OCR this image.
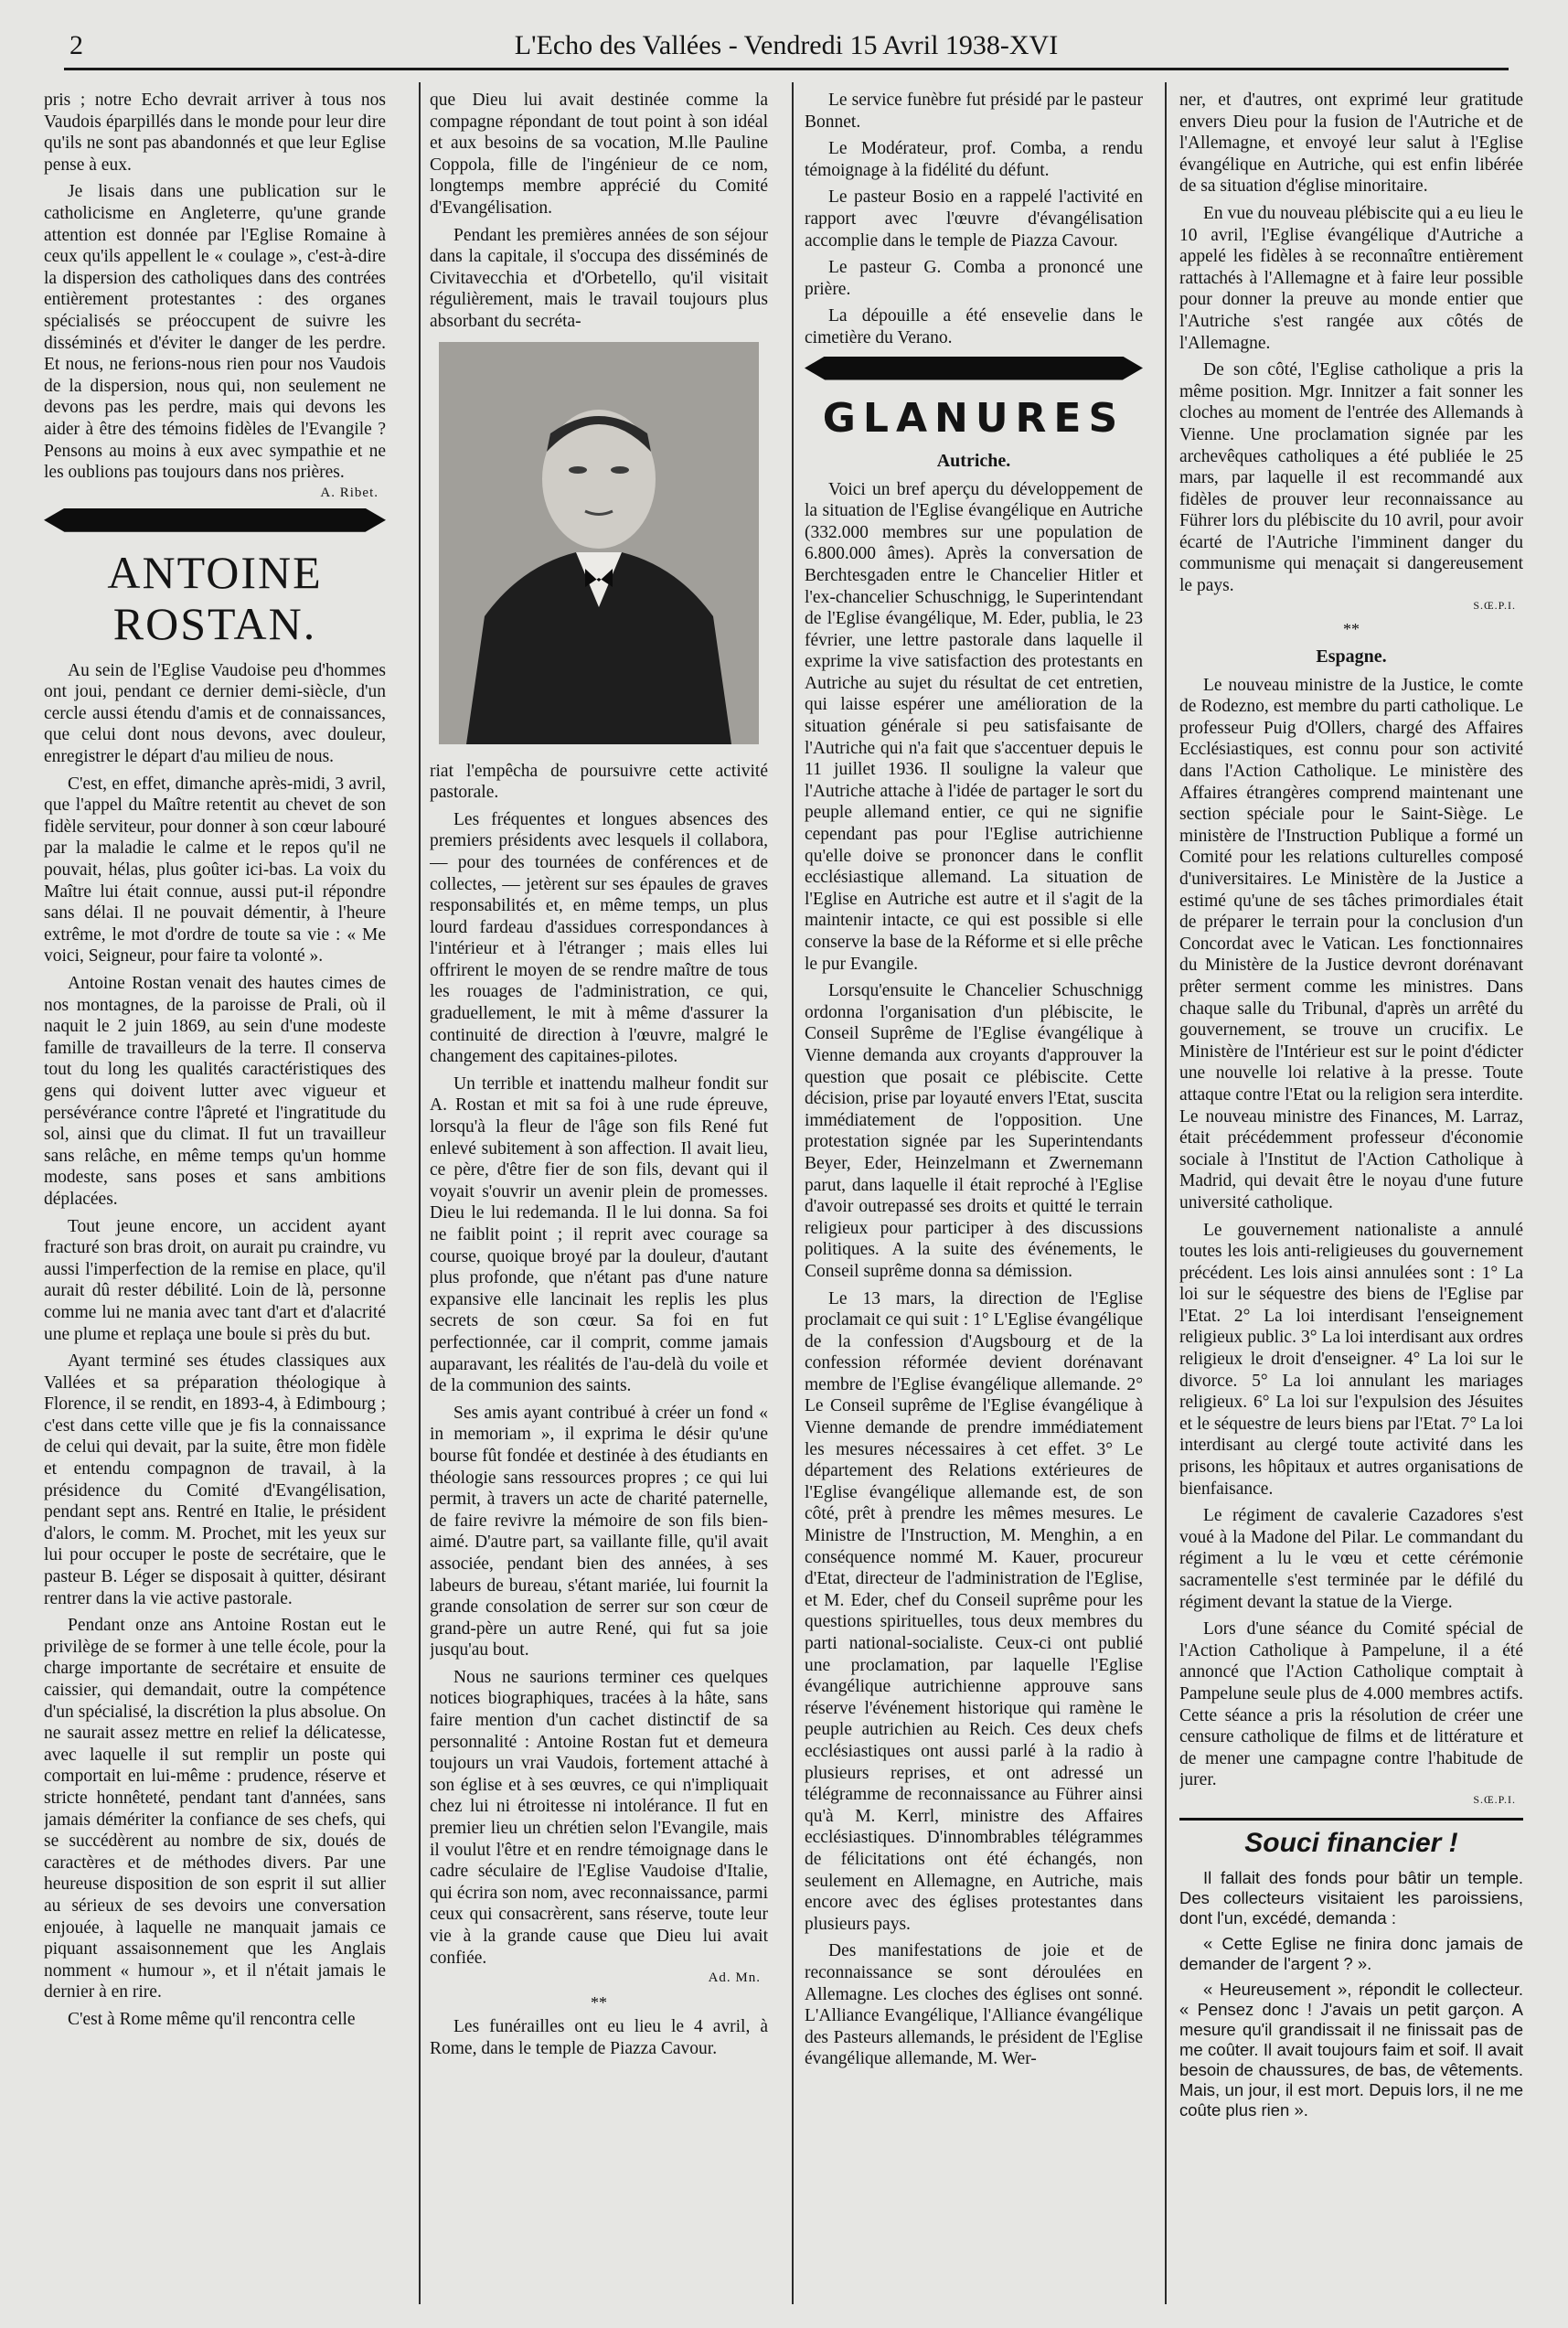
2	L'Echo des Vallées - Vendredi 15 Avril 1938-XVI

pris ; notre Echo devrait arriver à tous nos Vaudois éparpillés dans le monde pour leur dire qu'ils ne sont pas abandonnés et que leur Eglise pense à eux.

Je lisais dans une publication sur le catholicisme en Angleterre, qu'une grande attention est donnée par l'Eglise Romaine à ceux qu'ils appellent le « coulage », c'est-à-dire la dispersion des catholiques dans des contrées entièrement protestantes : des organes spécialisés se préoccupent de suivre les disséminés et d'éviter le danger de les perdre. Et nous, ne ferions-nous rien pour nos Vaudois de la dispersion, nous qui, non seulement ne devons pas les perdre, mais qui devons les aider à être des témoins fidèles de l'Evangile ? Pensons au moins à eux avec sympathie et ne les oublions pas toujours dans nos prières.

A. Ribet.
ANTOINE ROSTAN.

Au sein de l'Eglise Vaudoise peu d'hommes ont joui, pendant ce dernier demi-siècle, d'un cercle aussi étendu d'amis et de connaissances, que celui dont nous devons, avec douleur, enregistrer le départ d'au milieu de nous.

C'est, en effet, dimanche après-midi, 3 avril, que l'appel du Maître retentit au chevet de son fidèle serviteur, pour donner à son cœur labouré par la maladie le calme et le repos qu'il ne pouvait, hélas, plus goûter ici-bas. La voix du Maître lui était connue, aussi put-il répondre sans délai. Il ne pouvait démentir, à l'heure extrême, le mot d'ordre de toute sa vie : « Me voici, Seigneur, pour faire ta volonté ».

Antoine Rostan venait des hautes cimes de nos montagnes, de la paroisse de Prali, où il naquit le 2 juin 1869, au sein d'une modeste famille de travailleurs de la terre. Il conserva tout du long les qualités caractéristiques des gens qui doivent lutter avec vigueur et persévérance contre l'âpreté et l'ingratitude du sol, ainsi que du climat. Il fut un travailleur sans relâche, en même temps qu'un homme modeste, sans poses et sans ambitions déplacées.

Tout jeune encore, un accident ayant fracturé son bras droit, on aurait pu craindre, vu aussi l'imperfection de la remise en place, qu'il aurait dû rester débilité. Loin de là, personne comme lui ne mania avec tant d'art et d'alacrité une plume et replaça une boule si près du but.

Ayant terminé ses études classiques aux Vallées et sa préparation théologique à Florence, il se rendit, en 1893-4, à Edimbourg ; c'est dans cette ville que je fis la connaissance de celui qui devait, par la suite, être mon fidèle et entendu compagnon de travail, à la présidence du Comité d'Evangélisation, pendant sept ans. Rentré en Italie, le président d'alors, le comm. M. Prochet, mit les yeux sur lui pour occuper le poste de secrétaire, que le pasteur B. Léger se disposait à quitter, désirant rentrer dans la vie active pastorale.

Pendant onze ans Antoine Rostan eut le privilège de se former à une telle école, pour la charge importante de secrétaire et ensuite de caissier, qui demandait, outre la compétence d'un spécialisé, la discrétion la plus absolue. On ne saurait assez mettre en relief la délicatesse, avec laquelle il sut remplir un poste qui comportait en lui-même : prudence, réserve et stricte honnêteté, pendant tant d'années, sans jamais démériter la confiance de ses chefs, qui se succédèrent au nombre de six, doués de caractères et de méthodes divers. Par une heureuse disposition de son esprit il sut allier au sérieux de ses devoirs une conversation enjouée, à laquelle ne manquait jamais ce piquant assaisonnement que les Anglais nomment « humour », et il n'était jamais le dernier à en rire.

C'est à Rome même qu'il rencontra celle

que Dieu lui avait destinée comme la compagne répondant de tout point à son idéal et aux besoins de sa vocation, M.lle Pauline Coppola, fille de l'ingénieur de ce nom, longtemps membre apprécié du Comité d'Evangélisation.

Pendant les premières années de son séjour dans la capitale, il s'occupa des disséminés de Civitavecchia et d'Orbetello, qu'il visitait régulièrement, mais le travail toujours plus absorbant du secréta-

riat l'empêcha de poursuivre cette activité pastorale.

Les fréquentes et longues absences des premiers présidents avec lesquels il collabora, — pour des tournées de conférences et de collectes, — jetèrent sur ses épaules de graves responsabilités et, en même temps, un plus lourd fardeau d'assidues correspondances à l'intérieur et à l'étranger ; mais elles lui offrirent le moyen de se rendre maître de tous les rouages de l'administration, ce qui, graduellement, le mit à même d'assurer la continuité de direction à l'œuvre, malgré le changement des capitaines-pilotes.

Un terrible et inattendu malheur fondit sur A. Rostan et mit sa foi à une rude épreuve, lorsqu'à la fleur de l'âge son fils René fut enlevé subitement à son affection. Il avait lieu, ce père, d'être fier de son fils, devant qui il voyait s'ouvrir un avenir plein de promesses. Dieu le lui redemanda. Il le lui donna. Sa foi ne faiblit point ; il reprit avec courage sa course, quoique broyé par la douleur, d'autant plus profonde, que n'étant pas d'une nature expansive elle lancinait les replis les plus secrets de son cœur. Sa foi en fut perfectionnée, car il comprit, comme jamais auparavant, les réalités de l'au-delà du voile et de la communion des saints.

Ses amis ayant contribué à créer un fond « in memoriam », il exprima le désir qu'une bourse fût fondée et destinée à des étudiants en théologie sans ressources propres ; ce qui lui permit, à travers un acte de charité paternelle, de faire revivre la mémoire de son fils bien-aimé. D'autre part, sa vaillante fille, qu'il avait associée, pendant bien des années, à ses labeurs de bureau, s'étant mariée, lui fournit la grande consolation de serrer sur son cœur de grand-père un autre René, qui fut sa joie jusqu'au bout.

Nous ne saurions terminer ces quelques notices biographiques, tracées à la hâte, sans faire mention d'un cachet distinctif de sa personnalité : Antoine Rostan fut et demeura toujours un vrai Vaudois, fortement attaché à son église et à ses œuvres, ce qui n'impliquait chez lui ni étroitesse ni intolérance. Il fut en premier lieu un chrétien selon l'Evangile, mais il voulut l'être et en rendre témoignage dans le cadre séculaire de l'Eglise Vaudoise d'Italie, qui écrira son nom, avec reconnaissance, parmi ceux qui consacrèrent, sans réserve, toute leur vie à la grande cause que Dieu lui avait confiée.

Ad. Mn.
**

Les funérailles ont eu lieu le 4 avril, à Rome, dans le temple de Piazza Cavour.

Le service funèbre fut présidé par le pasteur Bonnet.

Le Modérateur, prof. Comba, a rendu témoignage à la fidélité du défunt.

Le pasteur Bosio en a rappelé l'activité en rapport avec l'œuvre d'évangélisation accomplie dans le temple de Piazza Cavour.

Le pasteur G. Comba a prononcé une prière.

La dépouille a été ensevelie dans le cimetière du Verano.

GLANURES
Autriche.

Voici un bref aperçu du développement de la situation de l'Eglise évangélique en Autriche (332.000 membres sur une population de 6.800.000 âmes). Après la conversation de Berchtesgaden entre le Chancelier Hitler et l'ex-chancelier Schuschnigg, le Superintendant de l'Eglise évangélique, M. Eder, publia, le 23 février, une lettre pastorale dans laquelle il exprime la vive satisfaction des protestants en Autriche au sujet du résultat de cet entretien, qui laisse espérer une amélioration de la situation générale si peu satisfaisante de l'Autriche qui n'a fait que s'accentuer depuis le 11 juillet 1936. Il souligne la valeur que l'Autriche attache à l'idée de partager le sort du peuple allemand entier, ce qui ne signifie cependant pas pour l'Eglise autrichienne qu'elle doive se prononcer dans le conflit ecclésiastique allemand. La situation de l'Eglise en Autriche est autre et il s'agit de la maintenir intacte, ce qui est possible si elle conserve la base de la Réforme et si elle prêche le pur Evangile.

Lorsqu'ensuite le Chancelier Schuschnigg ordonna l'organisation d'un plébiscite, le Conseil Suprême de l'Eglise évangélique à Vienne demanda aux croyants d'approuver la question que posait ce plébiscite. Cette décision, prise par loyauté envers l'Etat, suscita immédiatement de l'opposition. Une protestation signée par les Superintendants Beyer, Eder, Heinzelmann et Zwernemann parut, dans laquelle il était reproché à l'Eglise d'avoir outrepassé ses droits et quitté le terrain religieux pour participer à des discussions politiques. A la suite des événements, le Conseil suprême donna sa démission.

Le 13 mars, la direction de l'Eglise proclamait ce qui suit : 1° L'Eglise évangélique de la confession d'Augsbourg et de la confession réformée devient dorénavant membre de l'Eglise évangélique allemande. 2° Le Conseil suprême de l'Eglise évangélique à Vienne demande de prendre immédiatement les mesures nécessaires à cet effet. 3° Le département des Relations extérieures de l'Eglise évangélique allemande est, de son côté, prêt à prendre les mêmes mesures. Le Ministre de l'Instruction, M. Menghin, a en conséquence nommé M. Kauer, procureur d'Etat, directeur de l'administration de l'Eglise, et M. Eder, chef du Conseil suprême pour les questions spirituelles, tous deux membres du parti national-socialiste. Ceux-ci ont publié une proclamation, par laquelle l'Eglise évangélique autrichienne approuve sans réserve l'événement historique qui ramène le peuple autrichien au Reich. Ces deux chefs ecclésiastiques ont aussi parlé à la radio à plusieurs reprises, et ont adressé un télégramme de reconnaissance au Führer ainsi qu'à M. Kerrl, ministre des Affaires ecclésiastiques. D'innombrables télégrammes de félicitations ont été échangés, non seulement en Allemagne, en Autriche, mais encore avec des églises protestantes dans plusieurs pays.

Des manifestations de joie et de reconnaissance se sont déroulées en Allemagne. Les cloches des églises ont sonné. L'Alliance Evangélique, l'Alliance évangélique des Pasteurs allemands, le président de l'Eglise évangélique allemande, M. Wer-

ner, et d'autres, ont exprimé leur gratitude envers Dieu pour la fusion de l'Autriche et de l'Allemagne, et envoyé leur salut à l'Eglise évangélique en Autriche, qui est enfin libérée de sa situation d'église minoritaire.

En vue du nouveau plébiscite qui a eu lieu le 10 avril, l'Eglise évangélique d'Autriche a appelé les fidèles à se reconnaître entièrement rattachés à l'Allemagne et à faire leur possible pour donner la preuve au monde entier que l'Autriche s'est rangée aux côtés de l'Allemagne.

De son côté, l'Eglise catholique a pris la même position. Mgr. Innitzer a fait sonner les cloches au moment de l'entrée des Allemands à Vienne. Une proclamation signée par les archevêques catholiques a été publiée le 25 mars, par laquelle il est recommandé aux fidèles de prouver leur reconnaissance au Führer lors du plébiscite du 10 avril, pour avoir écarté de l'Autriche l'imminent danger du communisme qui menaçait si dangereusement le pays.

S.Œ.P.I.
**
Espagne.

Le nouveau ministre de la Justice, le comte de Rodezno, est membre du parti catholique. Le professeur Puig d'Ollers, chargé des Affaires Ecclésiastiques, est connu pour son activité dans l'Action Catholique. Le ministère des Affaires étrangères comprend maintenant une section spéciale pour le Saint-Siège. Le ministère de l'Instruction Publique a formé un Comité pour les relations culturelles composé d'universitaires. Le Ministère de la Justice a estimé qu'une de ses tâches primordiales était de préparer le terrain pour la conclusion d'un Concordat avec le Vatican. Les fonctionnaires du Ministère de la Justice devront dorénavant prêter serment comme les ministres. Dans chaque salle du Tribunal, d'après un arrêté du gouvernement, se trouve un crucifix. Le Ministère de l'Intérieur est sur le point d'édicter une nouvelle loi relative à la presse. Toute attaque contre l'Etat ou la religion sera interdite. Le nouveau ministre des Finances, M. Larraz, était précédemment professeur d'économie sociale à l'Institut de l'Action Catholique à Madrid, qui devait être le noyau d'une future université catholique.

Le gouvernement nationaliste a annulé toutes les lois anti-religieuses du gouvernement précédent. Les lois ainsi annulées sont : 1° La loi sur le séquestre des biens de l'Eglise par l'Etat. 2° La loi interdisant l'enseignement religieux public. 3° La loi interdisant aux ordres religieux le droit d'enseigner. 4° La loi sur le divorce. 5° La loi annulant les mariages religieux. 6° La loi sur l'expulsion des Jésuites et le séquestre de leurs biens par l'Etat. 7° La loi interdisant au clergé toute activité dans les prisons, les hôpitaux et autres organisations de bienfaisance.

Le régiment de cavalerie Cazadores s'est voué à la Madone del Pilar. Le commandant du régiment a lu le vœu et cette cérémonie sacramentelle s'est terminée par le défilé du régiment devant la statue de la Vierge.

Lors d'une séance du Comité spécial de l'Action Catholique à Pampelune, il a été annoncé que l'Action Catholique comptait à Pampelune seule plus de 4.000 membres actifs. Cette séance a pris la résolution de créer une censure catholique de films et de littérature et de mener une campagne contre l'habitude de jurer.

S.Œ.P.I.
Souci financier !

Il fallait des fonds pour bâtir un temple. Des collecteurs visitaient les paroissiens, dont l'un, excédé, demanda :

« Cette Eglise ne finira donc jamais de demander de l'argent ? ».

« Heureusement », répondit le collecteur. « Pensez donc ! J'avais un petit garçon. A mesure qu'il grandissait il ne finissait pas de me coûter. Il avait toujours faim et soif. Il avait besoin de chaussures, de bas, de vêtements. Mais, un jour, il est mort. Depuis lors, il ne me coûte plus rien ».
